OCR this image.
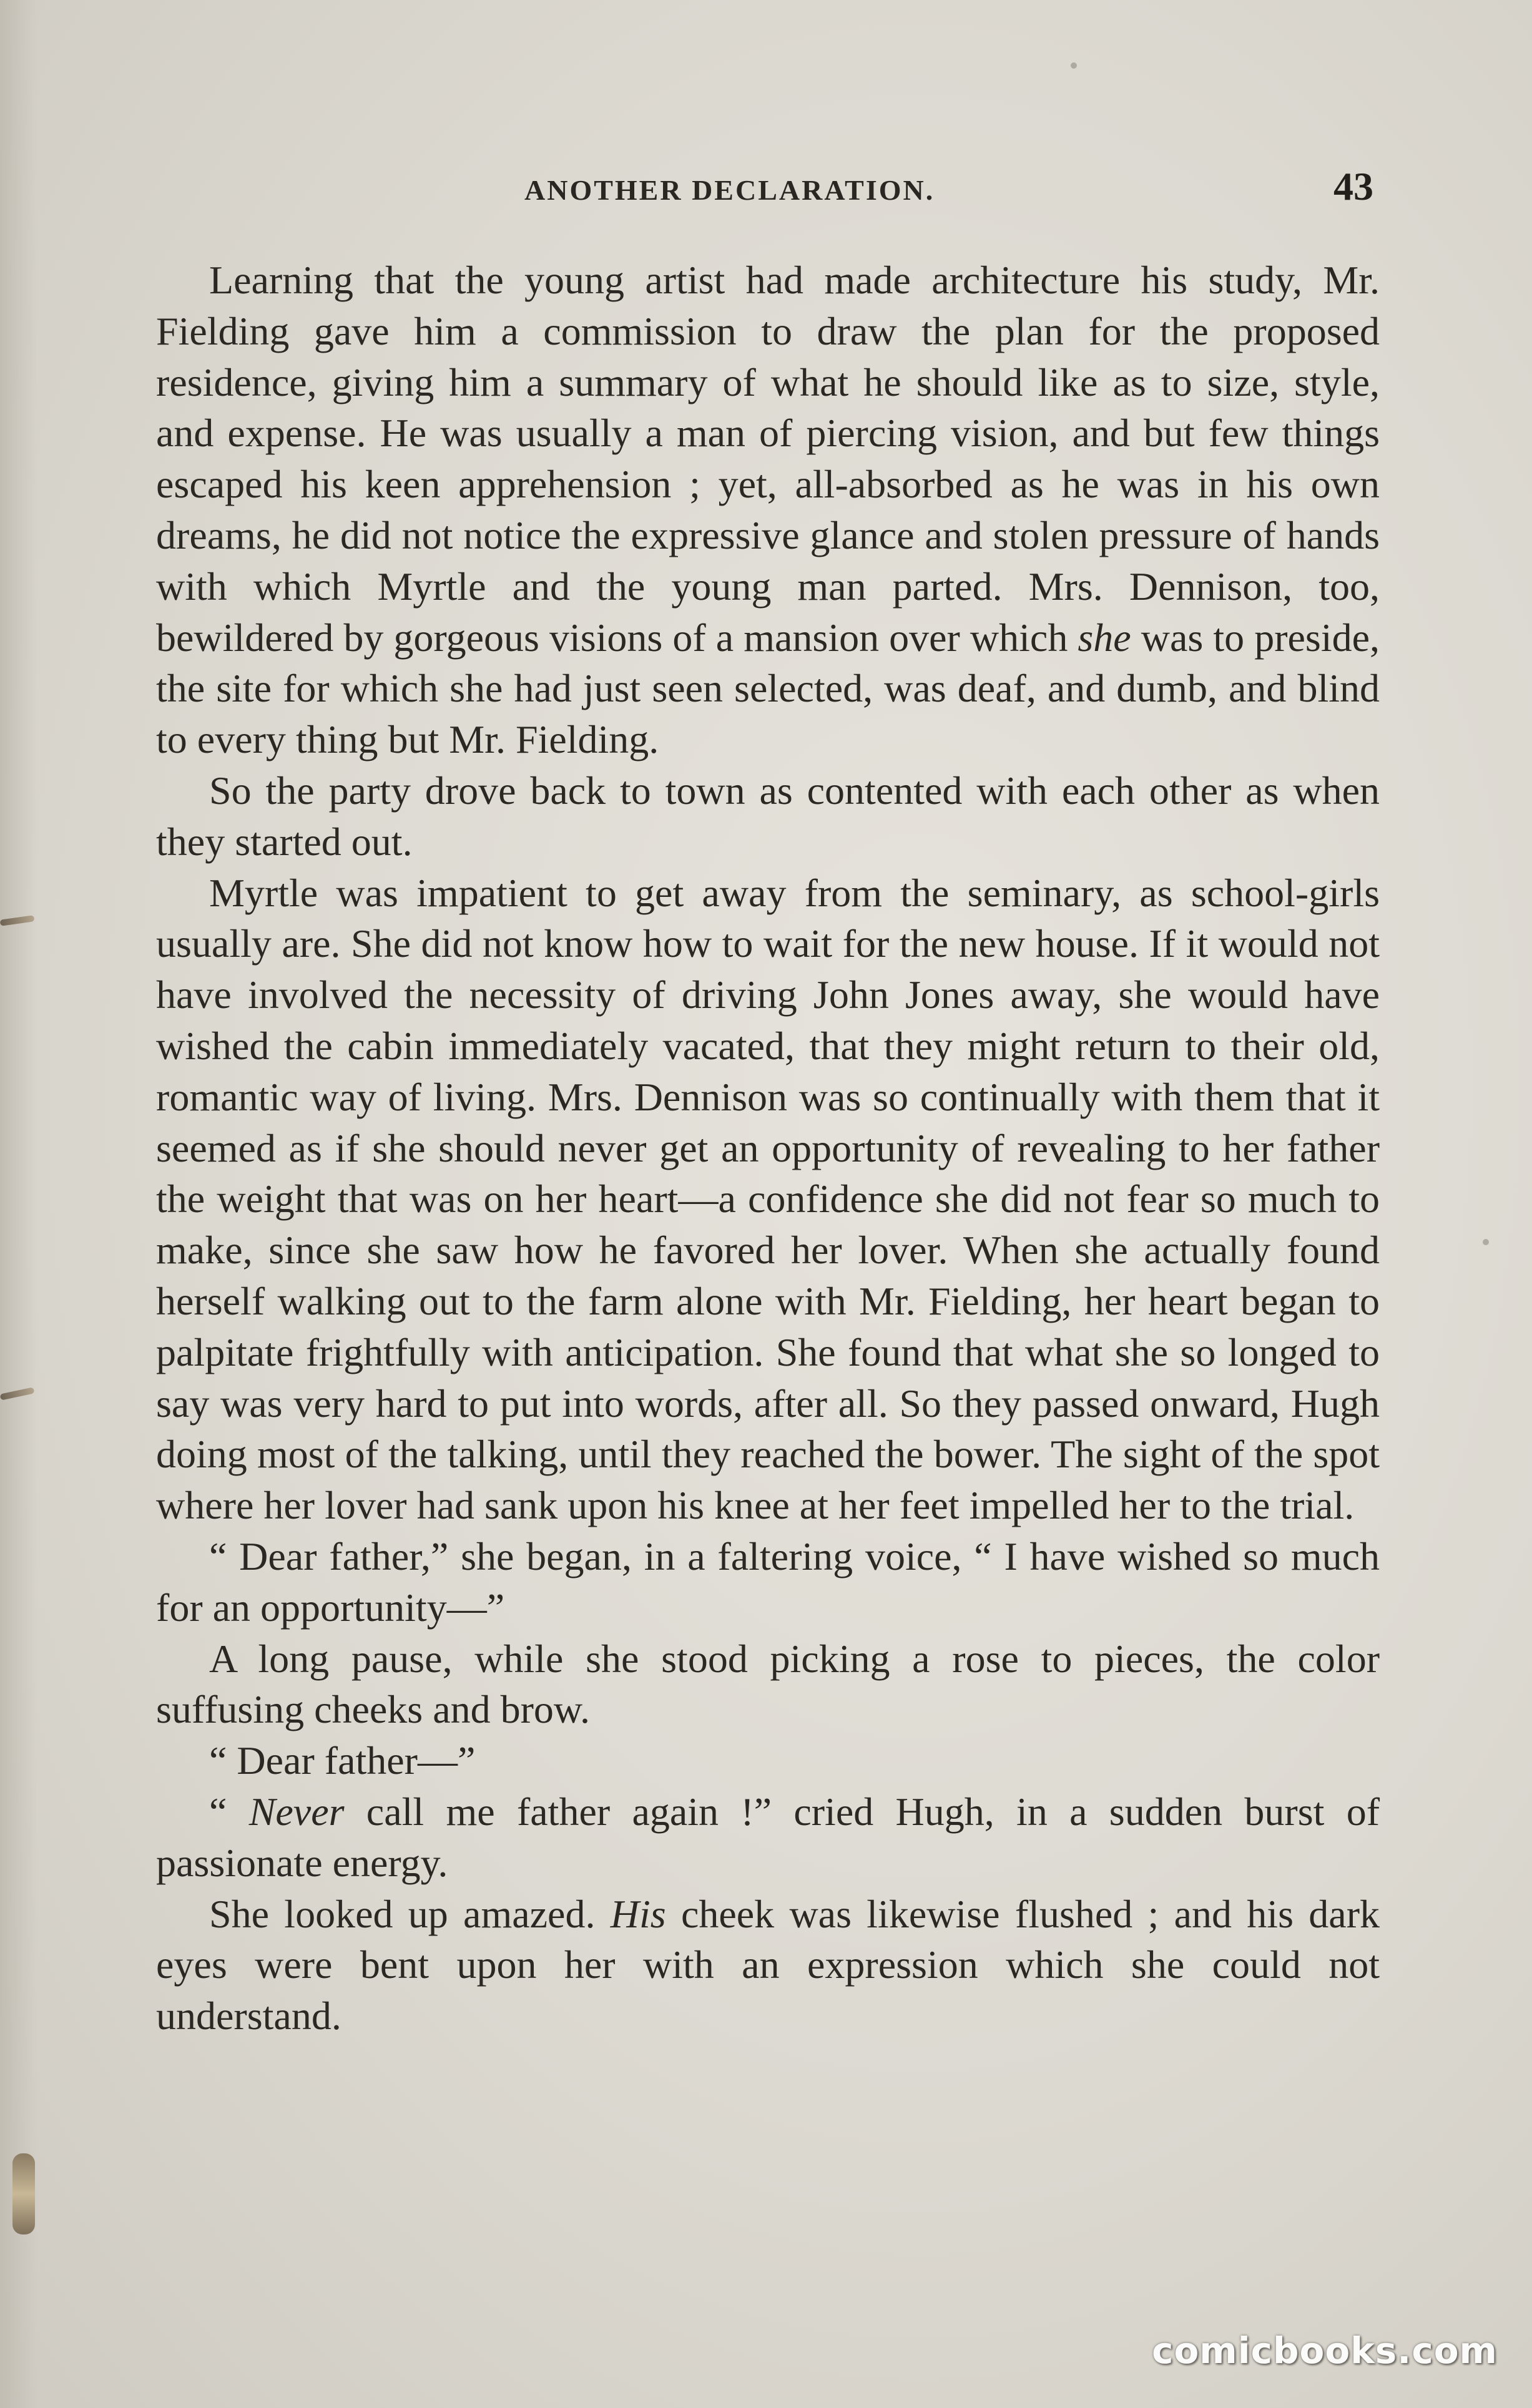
ANOTHER DECLARATION.	43

Learning that the young artist had made architecture his study, Mr. Fielding gave him a commission to draw the plan for the proposed residence, giving him a summary of what he should like as to size, style, and expense. He was usually a man of piercing vision, and but few things escaped his keen apprehension ; yet, all-absorbed as he was in his own dreams, he did not notice the expressive glance and stolen pressure of hands with which Myrtle and the young man parted. Mrs. Dennison, too, bewildered by gorgeous visions of a mansion over which she was to preside, the site for which she had just seen selected, was deaf, and dumb, and blind to every thing but Mr. Fielding.

So the party drove back to town as contented with each other as when they started out.

Myrtle was impatient to get away from the seminary, as school-girls usually are. She did not know how to wait for the new house. If it would not have involved the necessity of driving John Jones away, she would have wished the cabin immediately vacated, that they might return to their old, romantic way of living. Mrs. Dennison was so continually with them that it seemed as if she should never get an opportunity of revealing to her father the weight that was on her heart—a confidence she did not fear so much to make, since she saw how he favored her lover. When she actually found herself walking out to the farm alone with Mr. Fielding, her heart began to palpitate frightfully with anticipation. She found that what she so longed to say was very hard to put into words, after all. So they passed onward, Hugh doing most of the talking, until they reached the bower. The sight of the spot where her lover had sank upon his knee at her feet impelled her to the trial.

“ Dear father,” she began, in a faltering voice, “ I have wished so much for an opportunity—”

A long pause, while she stood picking a rose to pieces, the color suffusing cheeks and brow.

“ Dear father—”

“ Never call me father again !” cried Hugh, in a sudden burst of passionate energy.

She looked up amazed. His cheek was likewise flushed ; and his dark eyes were bent upon her with an expression which she could not understand.

comicbooks.com
